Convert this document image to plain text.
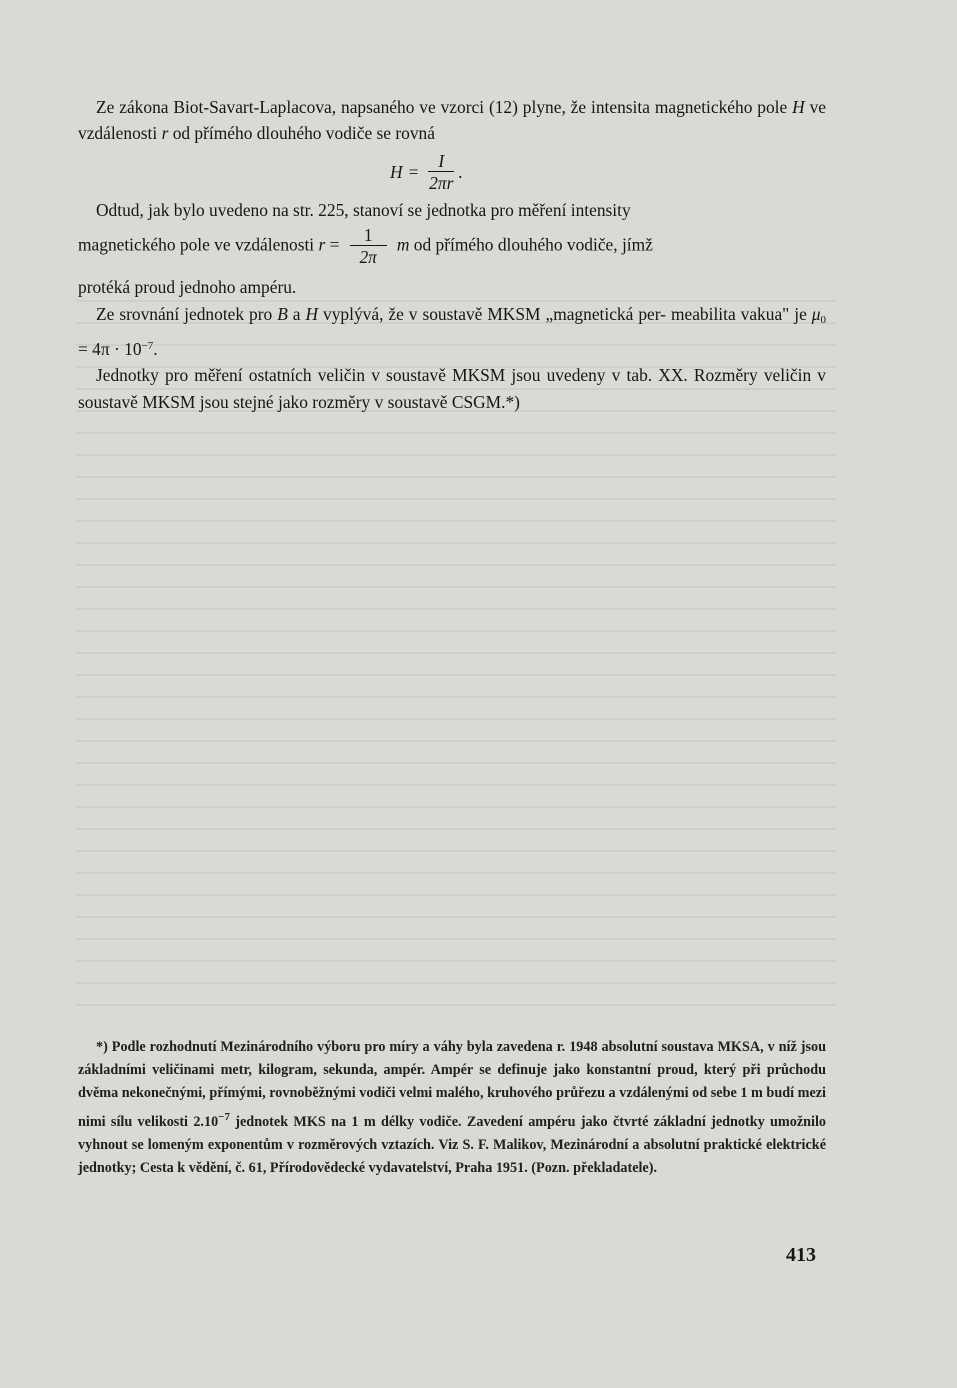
Ze zákona Biot-Savart-Laplacova, napsaného ve vzorci (12) plyne, že intensita magnetického pole H ve vzdálenosti r od přímého dlouhého vodiče se rovná

$H = \frac{I}{2\pi r}$ .

Odtud, jak bylo uvedeno na str. 225, stanoví se jednotka pro měření intensity

magnetického pole ve vzdálenosti $r = \frac{1}{2\pi}$ m od přímého dlouhého vodiče, jímž

protéká proud jednoho ampéru.

Ze srovnání jednotek pro B a H vyplývá, že v soustavě MKSM „magnetická per- meabilita vakua" je $\mu_0 = 4\pi \cdot 10^{-7}$.

Jednotky pro měření ostatních veličin v soustavě MKSM jsou uvedeny v tab. XX. Rozměry veličin v soustavě MKSM jsou stejné jako rozměry v soustavě CSGM.*)

*) Podle rozhodnutí Mezinárodního výboru pro míry a váhy byla zavedena r. 1948 absolutní soustava MKSA, v níž jsou základními veličinami metr, kilogram, sekunda, ampér. Ampér se definuje jako konstantní proud, který při průchodu dvěma nekonečnými, přímými, rovnoběžnými vodiči velmi malého, kruhového průřezu a vzdálenými od sebe 1 m budí mezi nimi sílu velikosti $2.10^{-7}$ jednotek MKS na 1 m délky vodiče. Zavedení ampéru jako čtvrté základní jednotky umožnilo vyhnout se lomeným exponentům v rozměrových vztazích. Viz S. F. Malikov, Mezinárodní a absolutní praktické elektrické jednotky; Cesta k vědění, č. 61, Přírodovědecké vydavatelství, Praha 1951. (Pozn. překladatele).
413
